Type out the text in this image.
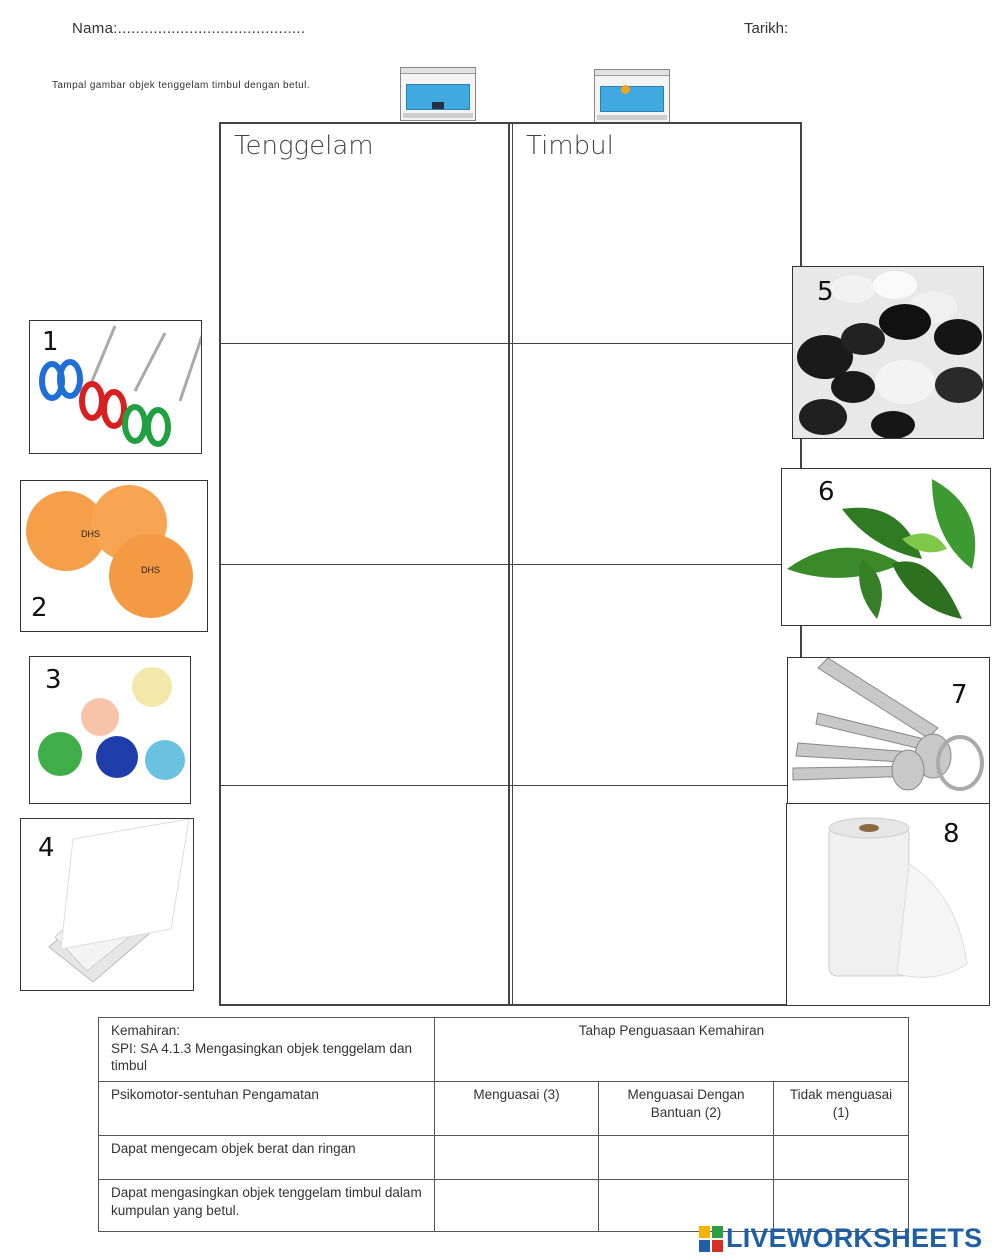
Nama:..........................................	Tarikh:
Tampal gambar objek tenggelam timbul dengan betul.
Tenggelam	Timbul
1
DHS
DHS
2
3
4
5
6
7
8
Kemahiran:
SPI: SA 4.1.3 Mengasingkan objek tenggelam dan timbul	Tahap Penguasaan Kemahiran		
Psikomotor-sentuhan Pengamatan	Menguasai (3)	Menguasai Dengan Bantuan (2)	Tidak menguasai (1)
Dapat mengecam objek berat dan ringan			
Dapat mengasingkan objek tenggelam timbul dalam kumpulan yang betul.			
LIVEWORKSHEETS
